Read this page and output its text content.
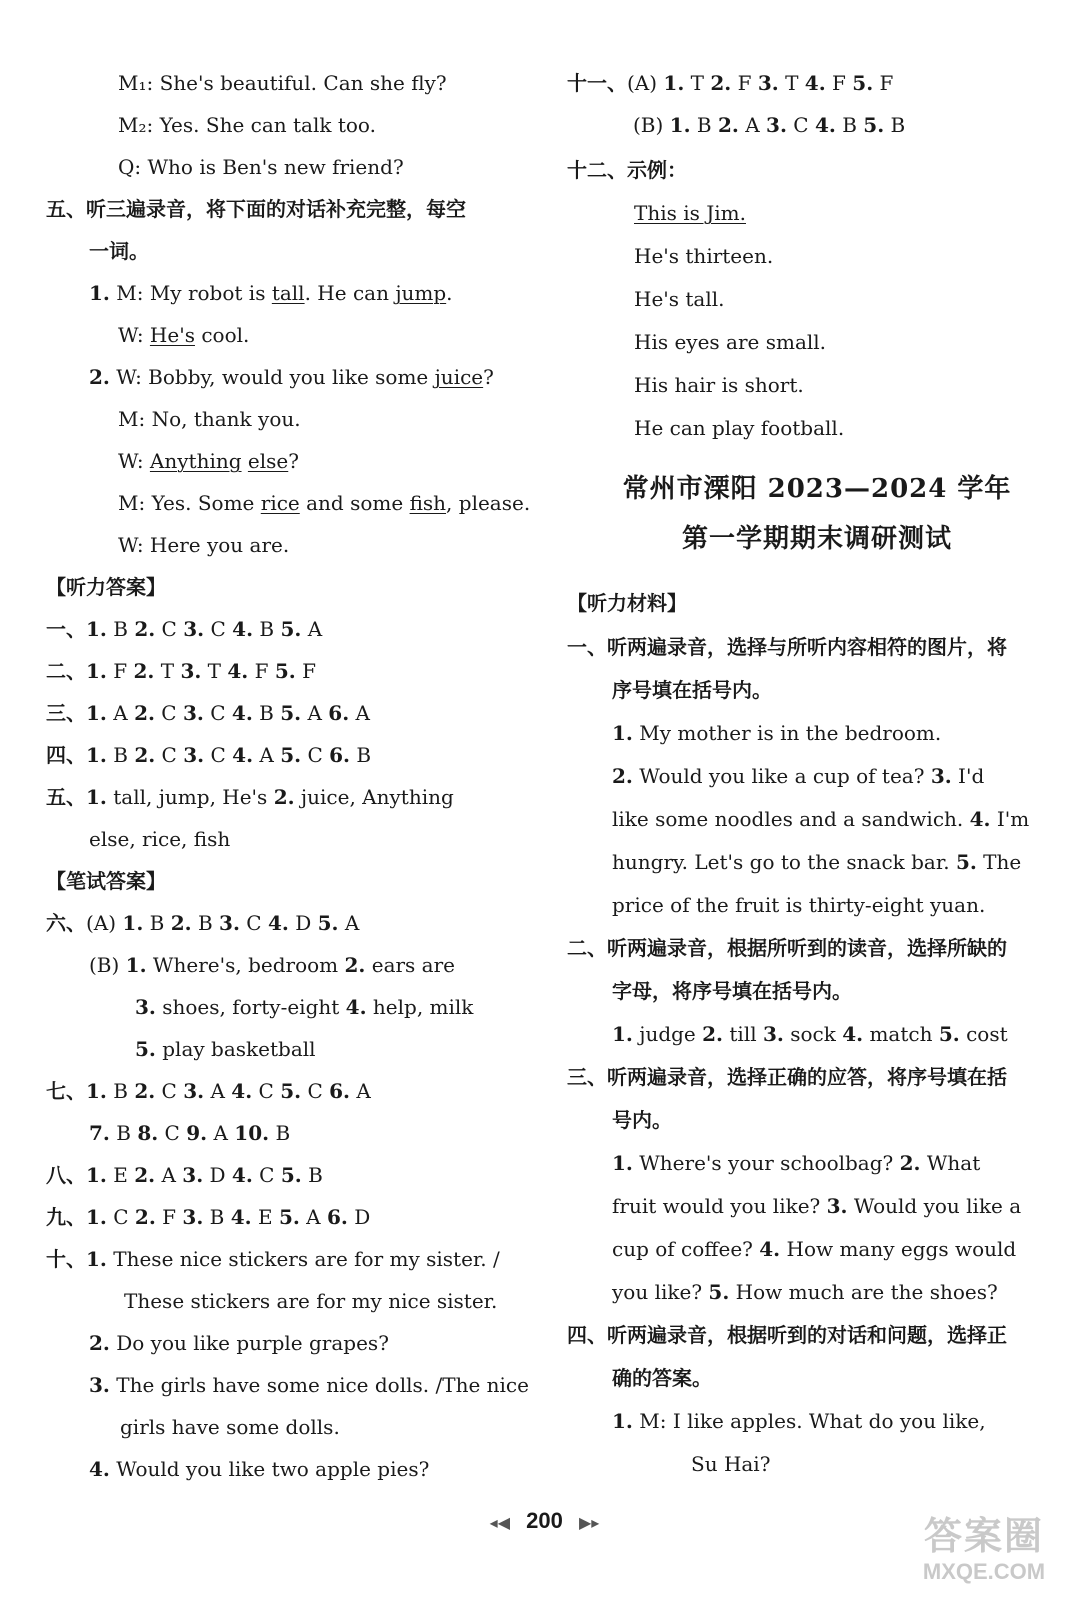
M₁: She's beautiful. Can she fly?
M₂: Yes. She can talk too.
Q: Who is Ben's new friend?
五、听三遍录音，将下面的对话补充完整，每空
一词。
1. M: My robot is tall. He can jump.
W: He's cool.
2. W: Bobby, would you like some juice?
M: No, thank you.
W: Anything else?
M: Yes. Some rice and some fish, please.
W: Here you are.
【听力答案】
一、1. B 2. C 3. C 4. B 5. A
二、1. F 2. T 3. T 4. F 5. F
三、1. A 2. C 3. C 4. B 5. A 6. A
四、1. B 2. C 3. C 4. A 5. C 6. B
五、1. tall, jump, He's 2. juice, Anything
else, rice, fish
【笔试答案】
六、(A) 1. B 2. B 3. C 4. D 5. A
(B) 1. Where's, bedroom 2. ears are
3. shoes, forty-eight 4. help, milk
5. play basketball
七、1. B 2. C 3. A 4. C 5. C 6. A
7. B 8. C 9. A 10. B
八、1. E 2. A 3. D 4. C 5. B
九、1. C 2. F 3. B 4. E 5. A 6. D
十、1. These nice stickers are for my sister. /
These stickers are for my nice sister.
2. Do you like purple grapes?
3. The girls have some nice dolls. /The nice
girls have some dolls.
4. Would you like two apple pies?
常州市溧阳 2023—2024 学年
第一学期期末调研测试
十一、(A) 1. T 2. F 3. T 4. F 5. F
(B) 1. B 2. A 3. C 4. B 5. B
十二、示例：
This is Jim.
He's thirteen.
He's tall.
His eyes are small.
His hair is short.
He can play football.
【听力材料】
一、听两遍录音，选择与所听内容相符的图片，将
序号填在括号内。
1. My mother is in the bedroom.
2. Would you like a cup of tea? 3. I'd
like some noodles and a sandwich. 4. I'm
hungry. Let's go to the snack bar. 5. The
price of the fruit is thirty-eight yuan.
二、听两遍录音，根据所听到的读音，选择所缺的
字母，将序号填在括号内。
1. judge 2. till 3. sock 4. match 5. cost
三、听两遍录音，选择正确的应答，将序号填在括
号内。
1. Where's your schoolbag? 2. What
fruit would you like? 3. Would you like a
cup of coffee? 4. How many eggs would
you like? 5. How much are the shoes?
四、听两遍录音，根据听到的对话和问题，选择正
确的答案。
1. M: I like apples. What do you like,
Su Hai?
◂◀ 200 ▶▸	答案圈
MXQE.COM
